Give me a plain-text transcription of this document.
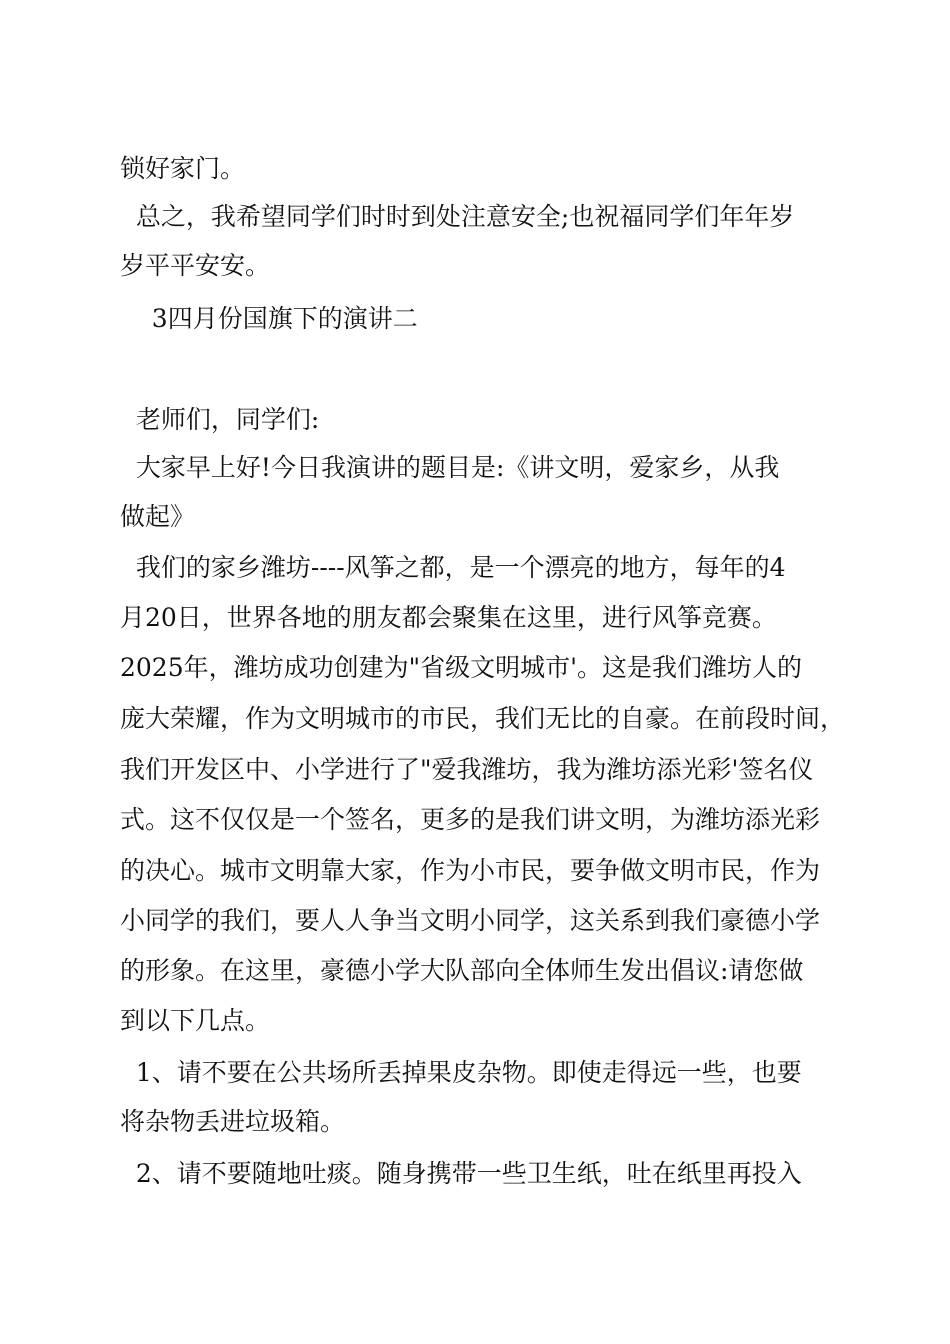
锁好家门。
总之，我希望同学们时时到处注意安全;也祝福同学们年年岁
岁平平安安。
3四月份国旗下的演讲二
老师们，同学们:
大家早上好!今日我演讲的题目是:《讲文明，爱家乡，从我
做起》
我们的家乡潍坊----风筝之都，是一个漂亮的地方，每年的4
月20日，世界各地的朋友都会聚集在这里，进行风筝竞赛。
2025年，潍坊成功创建为"省级文明城市'。这是我们潍坊人的
庞大荣耀，作为文明城市的市民，我们无比的自豪。在前段时间，
我们开发区中、小学进行了"爱我潍坊，我为潍坊添光彩'签名仪
式。这不仅仅是一个签名，更多的是我们讲文明，为潍坊添光彩
的决心。城市文明靠大家，作为小市民，要争做文明市民，作为
小同学的我们，要人人争当文明小同学，这关系到我们豪德小学
的形象。在这里，豪德小学大队部向全体师生发出倡议:请您做
到以下几点。
1、请不要在公共场所丢掉果皮杂物。即使走得远一些，也要
将杂物丢进垃圾箱。
2、请不要随地吐痰。随身携带一些卫生纸，吐在纸里再投入
